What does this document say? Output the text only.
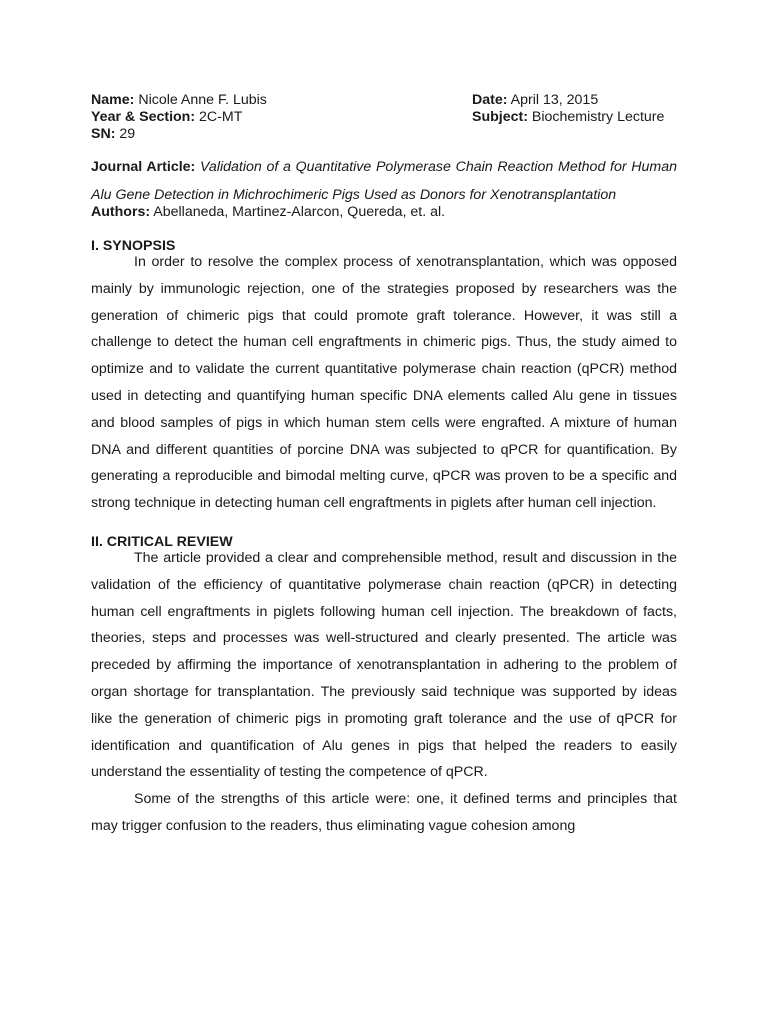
Name: Nicole Anne F. Lubis
Year & Section: 2C-MT
SN: 29
Date: April 13, 2015
Subject: Biochemistry Lecture
Journal Article: Validation of a Quantitative Polymerase Chain Reaction Method for Human Alu Gene Detection in Michrochimeric Pigs Used as Donors for Xenotransplantation
Authors: Abellaneda, Martinez-Alarcon, Quereda, et. al.
I. SYNOPSIS

In order to resolve the complex process of xenotransplantation, which was opposed mainly by immunologic rejection, one of the strategies proposed by researchers was the generation of chimeric pigs that could promote graft tolerance. However, it was still a challenge to detect the human cell engraftments in chimeric pigs. Thus, the study aimed to optimize and to validate the current quantitative polymerase chain reaction (qPCR) method used in detecting and quantifying human specific DNA elements called Alu gene in tissues and blood samples of pigs in which human stem cells were engrafted. A mixture of human DNA and different quantities of porcine DNA was subjected to qPCR for quantification. By generating a reproducible and bimodal melting curve, qPCR was proven to be a specific and strong technique in detecting human cell engraftments in piglets after human cell injection.

II. CRITICAL REVIEW

The article provided a clear and comprehensible method, result and discussion in the validation of the efficiency of quantitative polymerase chain reaction (qPCR) in detecting human cell engraftments in piglets following human cell injection. The breakdown of facts, theories, steps and processes was well-structured and clearly presented. The article was preceded by affirming the importance of xenotransplantation in adhering to the problem of organ shortage for transplantation. The previously said technique was supported by ideas like the generation of chimeric pigs in promoting graft tolerance and the use of qPCR for identification and quantification of Alu genes in pigs that helped the readers to easily understand the essentiality of testing the competence of qPCR.

Some of the strengths of this article were: one, it defined terms and principles that may trigger confusion to the readers, thus eliminating vague cohesion among
